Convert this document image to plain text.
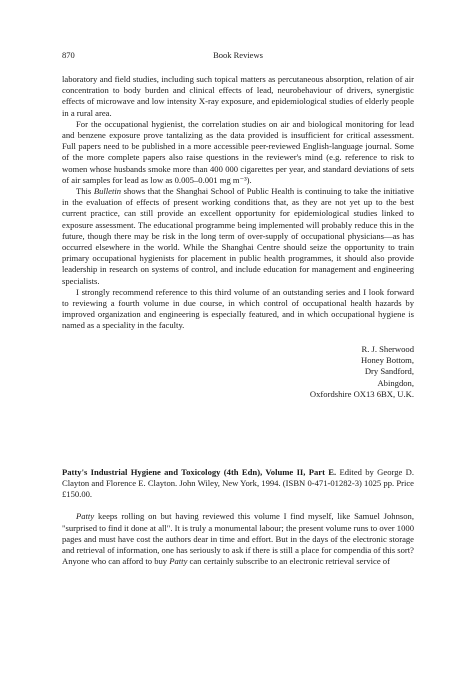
870	Book Reviews

laboratory and field studies, including such topical matters as percutaneous absorption, relation of air concentration to body burden and clinical effects of lead, neurobehaviour of drivers, synergistic effects of microwave and low intensity X-ray exposure, and epidemiological studies of elderly people in a rural area.

For the occupational hygienist, the correlation studies on air and biological monitoring for lead and benzene exposure prove tantalizing as the data provided is insufficient for critical assessment. Full papers need to be published in a more accessible peer-reviewed English-language journal. Some of the more complete papers also raise questions in the reviewer's mind (e.g. reference to risk to women whose husbands smoke more than 400 000 cigarettes per year, and standard deviations of sets of air samples for lead as low as 0.005–0.001 mg m⁻³).

This Bulletin shows that the Shanghai School of Public Health is continuing to take the initiative in the evaluation of effects of present working conditions that, as they are not yet up to the best current practice, can still provide an excellent opportunity for epidemiological studies linked to exposure assessment. The educational programme being implemented will probably reduce this in the future, though there may be risk in the long term of over-supply of occupational physicians—as has occurred elsewhere in the world. While the Shanghai Centre should seize the opportunity to train primary occupational hygienists for placement in public health programmes, it should also provide leadership in research on systems of control, and include education for management and engineering specialists.

I strongly recommend reference to this third volume of an outstanding series and I look forward to reviewing a fourth volume in due course, in which control of occupational health hazards by improved organization and engineering is especially featured, and in which occupational hygiene is named as a speciality in the faculty.

R. J. Sherwood
Honey Bottom,
Dry Sandford,
Abingdon,
Oxfordshire OX13 6BX, U.K.

Patty's Industrial Hygiene and Toxicology (4th Edn), Volume II, Part E. Edited by George D. Clayton and Florence E. Clayton. John Wiley, New York, 1994. (ISBN 0-471-01282-3) 1025 pp. Price £150.00.

Patty keeps rolling on but having reviewed this volume I find myself, like Samuel Johnson, "surprised to find it done at all". It is truly a monumental labour; the present volume runs to over 1000 pages and must have cost the authors dear in time and effort. But in the days of the electronic storage and retrieval of information, one has seriously to ask if there is still a place for compendia of this sort? Anyone who can afford to buy Patty can certainly subscribe to an electronic retrieval service of
